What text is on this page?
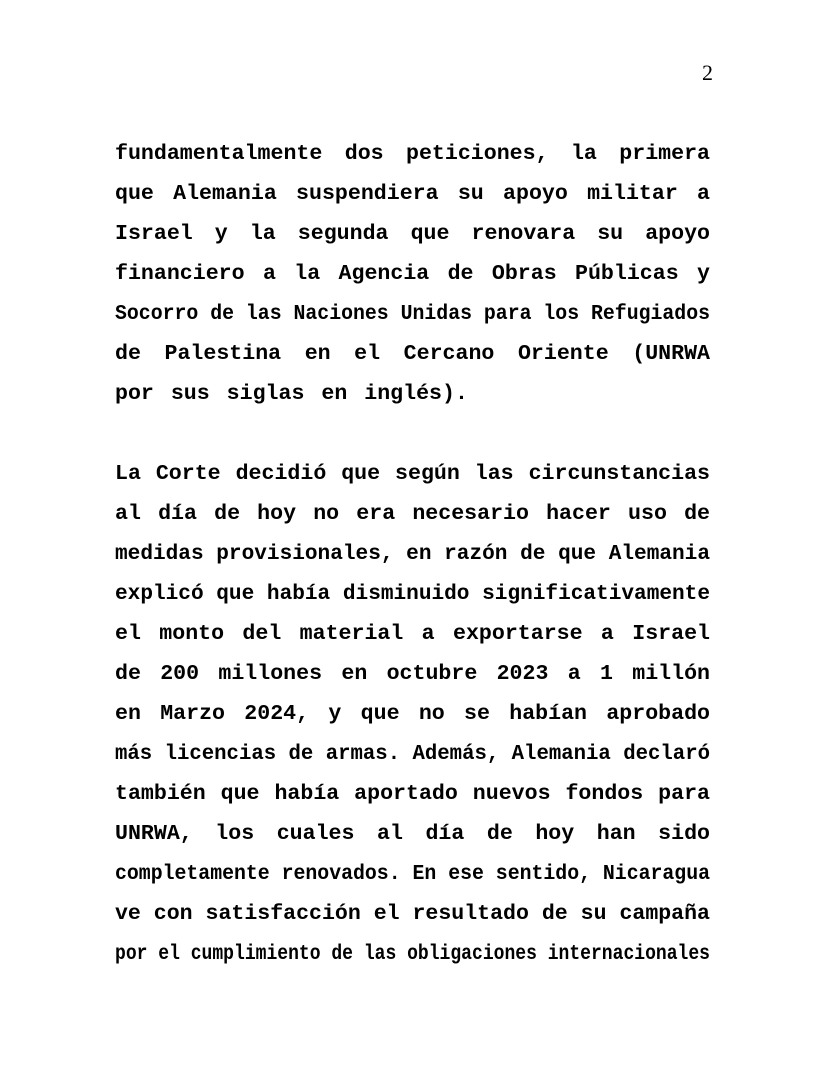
2
fundamentalmente dos peticiones, la primera
que Alemania suspendiera su apoyo militar a
Israel y la segunda que renovara su apoyo
financiero a la Agencia de Obras Públicas y
Socorro de las Naciones Unidas para los Refugiados
de Palestina en el Cercano Oriente (UNRWA
por sus siglas en inglés).
La Corte decidió que según las circunstancias
al día de hoy no era necesario hacer uso de
medidas provisionales, en razón de que Alemania
explicó que había disminuido significativamente
el monto del material a exportarse a Israel
de 200 millones en octubre 2023 a 1 millón
en Marzo 2024, y que no se habían aprobado
más licencias de armas. Además, Alemania declaró
también que había aportado nuevos fondos para
UNRWA, los cuales al día de hoy han sido
completamente renovados. En ese sentido, Nicaragua
ve con satisfacción el resultado de su campaña
por el cumplimiento de las obligaciones internacionales
